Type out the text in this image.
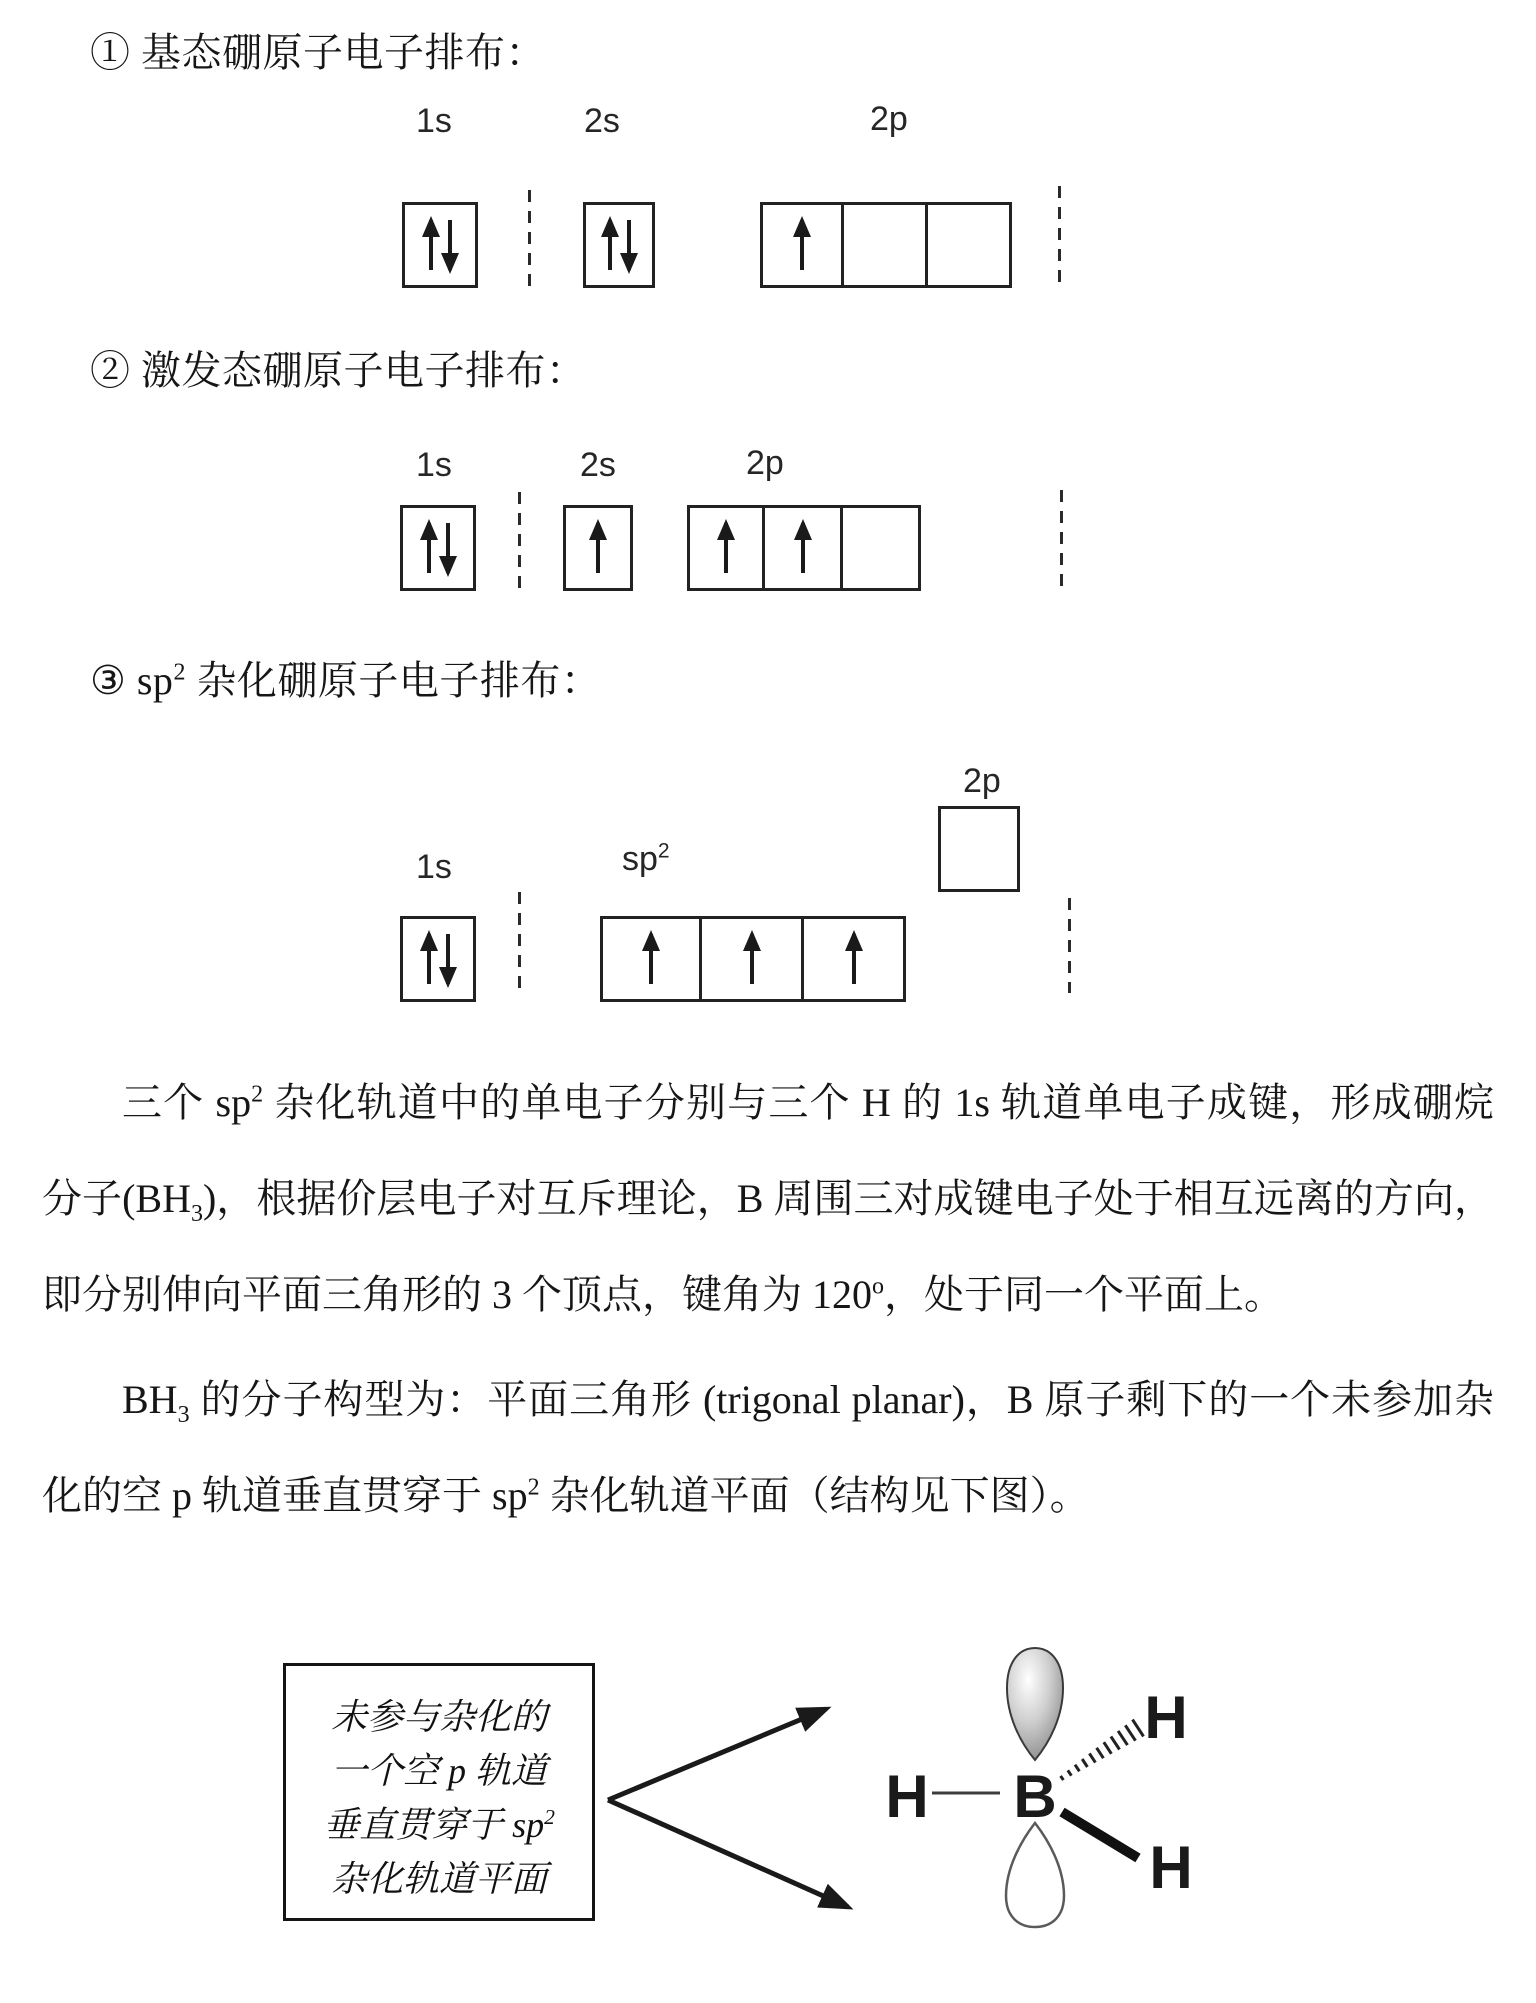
① 基态硼原子电子排布：
1s	2s	2p
② 激发态硼原子电子排布：
1s	2s	2p
③ $sp^2$ 杂化硼原子电子排布：
2p
1s	$sp^2$
三个 $sp^2$ 杂化轨道中的单电子分别与三个 H 的 1s 轨道单电子成键，形成硼烷分子$(BH_3)$，根据价层电子对互斥理论，B 周围三对成键电子处于相互远离的方向，即分别伸向平面三角形的 3 个顶点，键角为 120$^o$，处于同一个平面上。
$BH_3$ 的分子构型为：平面三角形 (trigonal planar)，B 原子剩下的一个未参加杂化的空 p 轨道垂直贯穿于 $sp^2$ 杂化轨道平面（结构见下图）。
未参与杂化的
一个空 p 轨道
垂直贯穿于 $sp^2$
杂化轨道平面
B
H
H
H
